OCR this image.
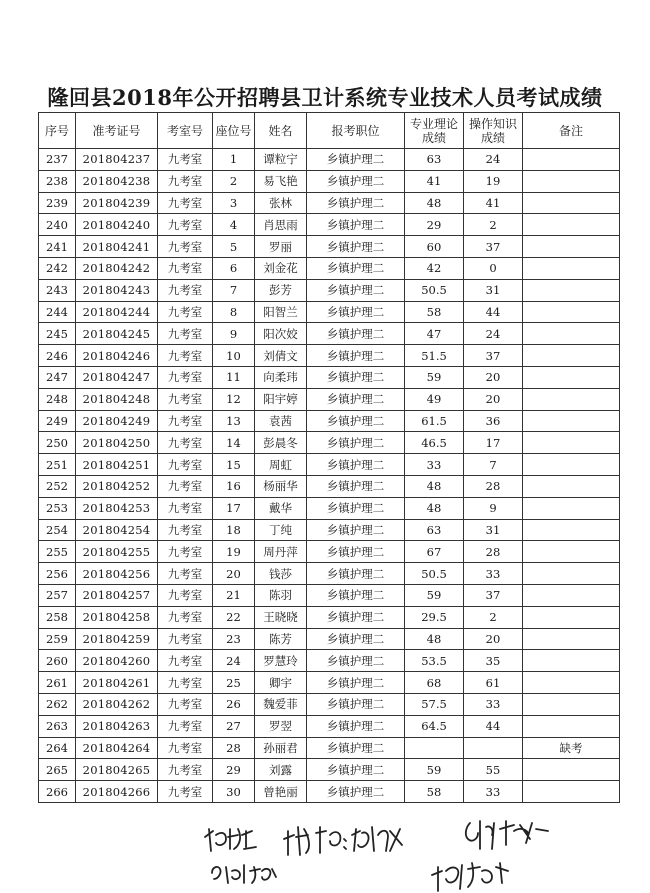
隆回县2018年公开招聘县卫计系统专业技术人员考试成绩
序号	准考证号	考室号	座位号	姓名	报考职位	专业理论成绩	操作知识成绩	备注
237	201804237	九考室	1	谭粒宁	乡镇护理二	63	24	
238	201804238	九考室	2	易飞艳	乡镇护理二	41	19	
239	201804239	九考室	3	张林	乡镇护理二	48	41	
240	201804240	九考室	4	肖思雨	乡镇护理二	29	2	
241	201804241	九考室	5	罗丽	乡镇护理二	60	37	
242	201804242	九考室	6	刘金花	乡镇护理二	42	0	
243	201804243	九考室	7	彭芳	乡镇护理二	50.5	31	
244	201804244	九考室	8	阳智兰	乡镇护理二	58	44	
245	201804245	九考室	9	阳次姣	乡镇护理二	47	24	
246	201804246	九考室	10	刘倩文	乡镇护理二	51.5	37	
247	201804247	九考室	11	向柔玮	乡镇护理二	59	20	
248	201804248	九考室	12	阳宇婷	乡镇护理二	49	20	
249	201804249	九考室	13	袁茜	乡镇护理二	61.5	36	
250	201804250	九考室	14	彭晨冬	乡镇护理二	46.5	17	
251	201804251	九考室	15	周虹	乡镇护理二	33	7	
252	201804252	九考室	16	杨丽华	乡镇护理二	48	28	
253	201804253	九考室	17	戴华	乡镇护理二	48	9	
254	201804254	九考室	18	丁纯	乡镇护理二	63	31	
255	201804255	九考室	19	周丹萍	乡镇护理二	67	28	
256	201804256	九考室	20	钱莎	乡镇护理二	50.5	33	
257	201804257	九考室	21	陈羽	乡镇护理二	59	37	
258	201804258	九考室	22	王晓晓	乡镇护理二	29.5	2	
259	201804259	九考室	23	陈芳	乡镇护理二	48	20	
260	201804260	九考室	24	罗慧玲	乡镇护理二	53.5	35	
261	201804261	九考室	25	卿宇	乡镇护理二	68	61	
262	201804262	九考室	26	魏爱菲	乡镇护理二	57.5	33	
263	201804263	九考室	27	罗翌	乡镇护理二	64.5	44	
264	201804264	九考室	28	孙丽君	乡镇护理二			缺考
265	201804265	九考室	29	刘露	乡镇护理二	59	55	
266	201804266	九考室	30	曾艳丽	乡镇护理二	58	33	
